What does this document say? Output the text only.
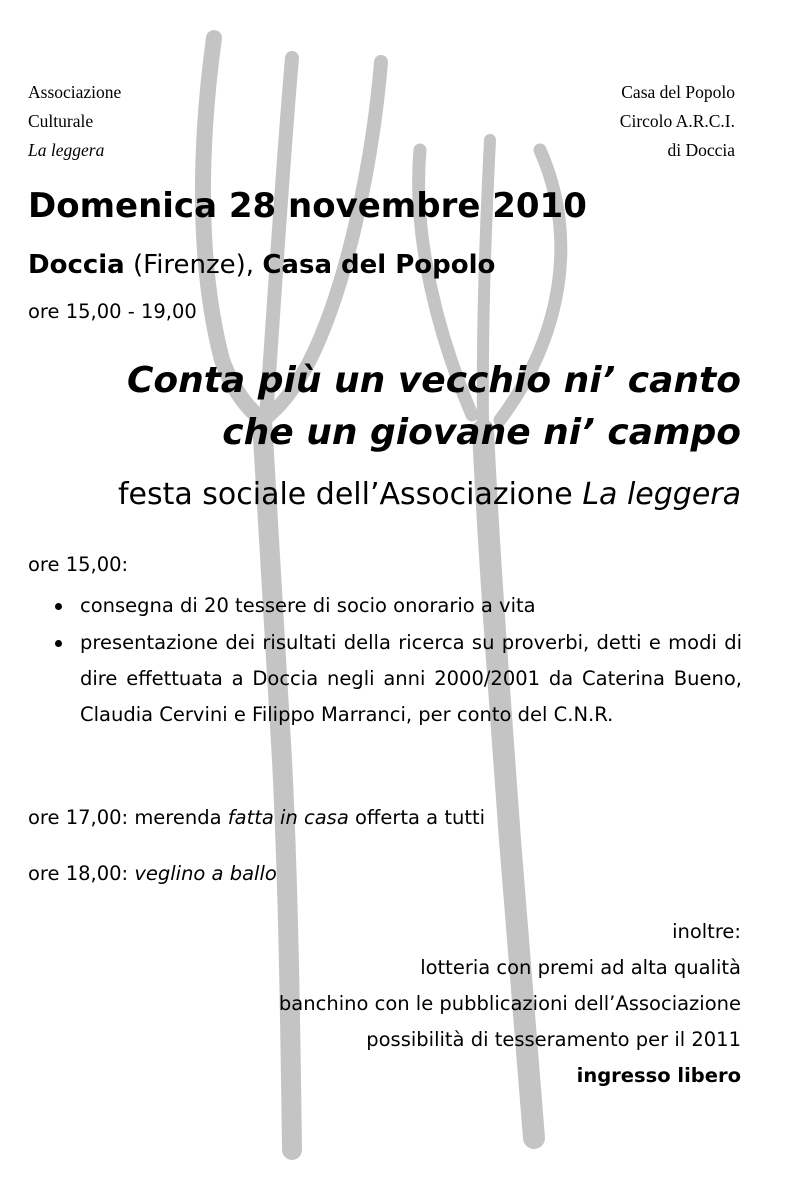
Associazione
Culturale
La leggera
Casa del Popolo
Circolo A.R.C.I.
di Doccia
Domenica 28 novembre 2010
Doccia (Firenze), Casa del Popolo
ore 15,00 - 19,00
Conta più un vecchio ni’ canto
che un giovane ni’ campo
festa sociale dell’Associazione La leggera
ore 15,00:
consegna di 20 tessere di socio onorario a vita
presentazione dei risultati della ricerca su proverbi, detti e modi di dire effettuata a Doccia negli anni 2000/2001 da Caterina Bueno, Claudia Cervini e Filippo Marranci, per conto del C.N.R.
ore 17,00: merenda fatta in casa offerta a tutti
ore 18,00: veglino a ballo
inoltre:
lotteria con premi ad alta qualità
banchino con le pubblicazioni dell’Associazione
possibilità di tesseramento per il 2011
ingresso libero
